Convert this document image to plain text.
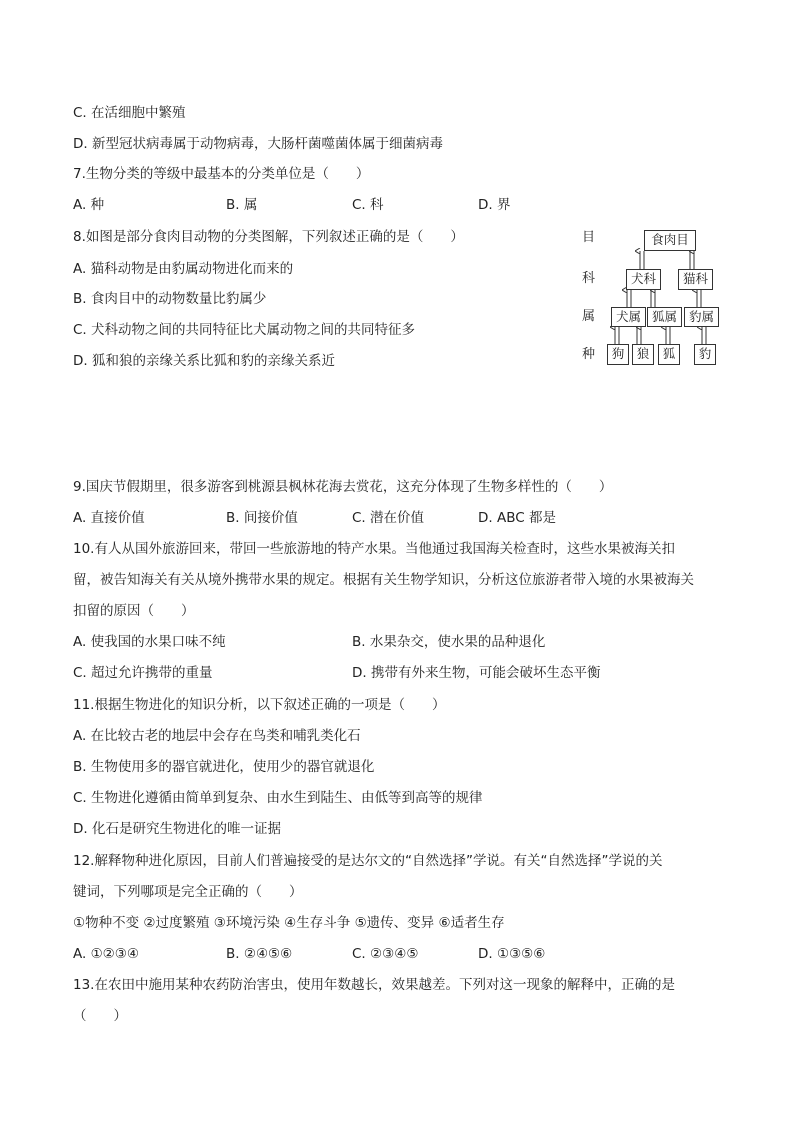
C. 在活细胞中繁殖
D. 新型冠状病毒属于动物病毒，大肠杆菌噬菌体属于细菌病毒
7.生物分类的等级中最基本的分类单位是（　　）
A. 种	B. 属	C. 科	D. 界
8.如图是部分食肉目动物的分类图解，下列叙述正确的是（　　）
A. 猫科动物是由豹属动物进化而来的
B. 食肉目中的动物数量比豹属少
C. 犬科动物之间的共同特征比犬属动物之间的共同特征多
D. 狐和狼的亲缘关系比狐和豹的亲缘关系近
目
科
属
种
食肉目
犬科	猫科
犬属 狐属 豹属
狗 狼	狐	豹
9.国庆节假期里，很多游客到桃源县枫林花海去赏花，这充分体现了生物多样性的（　　）
A. 直接价值	B. 间接价值	C. 潜在价值	D. ABC 都是
10.有人从国外旅游回来，带回一些旅游地的特产水果。当他通过我国海关检查时，这些水果被海关扣
留，被告知海关有关从境外携带水果的规定。根据有关生物学知识，分析这位旅游者带入境的水果被海关
扣留的原因（　　）
A. 使我国的水果口味不纯	B. 水果杂交，使水果的品种退化
C. 超过允许携带的重量	D. 携带有外来生物，可能会破坏生态平衡
11.根据生物进化的知识分析，以下叙述正确的一项是（　　）
A. 在比较古老的地层中会存在鸟类和哺乳类化石
B. 生物使用多的器官就进化，使用少的器官就退化
C. 生物进化遵循由简单到复杂、由水生到陆生、由低等到高等的规律
D. 化石是研究生物进化的唯一证据
12.解释物种进化原因，目前人们普遍接受的是达尔文的“自然选择”学说。有关“自然选择”学说的关
键词，下列哪项是完全正确的（　　）
①物种不变 ②过度繁殖 ③环境污染 ④生存斗争 ⑤遗传、变异 ⑥适者生存
A. ①②③④	B. ②④⑤⑥	C. ②③④⑤	D. ①③⑤⑥
13.在农田中施用某种农药防治害虫，使用年数越长，效果越差。下列对这一现象的解释中，正确的是
（　　）
